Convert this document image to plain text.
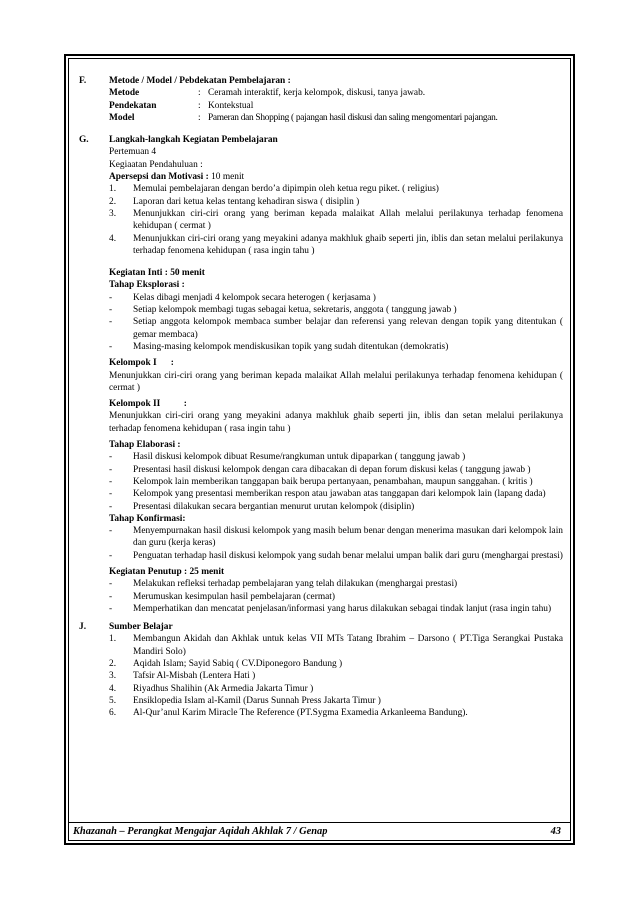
F. Metode / Model / Pebdekatan Pembelajaran :
Metode	: Ceramah interaktif, kerja kelompok, diskusi, tanya jawab.
Pendekatan	: Kontekstual
Model	: Pameran dan Shopping ( pajangan hasil diskusi dan saling mengomentari pajangan.
G. Langkah-langkah Kegiatan Pembelajaran
Pertemuan 4
Kegiaatan Pendahuluan :
Apersepsi dan Motivasi : 10 menit
1. Memulai pembelajaran dengan berdo’a dipimpin oleh ketua regu piket. ( religius)
2. Laporan dari ketua kelas tentang kehadiran siswa ( disiplin )
3. Menunjukkan ciri-ciri orang yang beriman kepada malaikat Allah melalui perilakunya terhadap fenomena kehidupan ( cermat )
4. Menunjukkan ciri-ciri orang yang meyakini adanya makhluk ghaib seperti jin, iblis dan setan melalui perilakunya terhadap fenomena kehidupan ( rasa ingin tahu )
Kegiatan Inti : 50 menit
Tahap Eksplorasi :
- Kelas dibagi menjadi 4 kelompok secara heterogen ( kerjasama )
- Setiap kelompok membagi tugas sebagai ketua, sekretaris, anggota ( tanggung jawab )
- Setiap anggota kelompok membaca sumber belajar dan referensi yang relevan dengan topik yang ditentukan ( gemar membaca)
- Masing-masing kelompok mendiskusikan topik yang sudah ditentukan (demokratis)
Kelompok I      :
Menunjukkan ciri-ciri orang yang beriman kepada malaikat Allah melalui perilakunya terhadap fenomena kehidupan ( cermat )
Kelompok II          :
Menunjukkan ciri-ciri orang yang meyakini adanya makhluk ghaib seperti jin, iblis dan setan melalui perilakunya terhadap fenomena kehidupan ( rasa ingin tahu )
Tahap Elaborasi :
- Hasil diskusi kelompok dibuat Resume/rangkuman untuk dipaparkan ( tanggung jawab )
- Presentasi hasil diskusi kelompok dengan cara dibacakan di depan forum diskusi kelas ( tanggung jawab )
- Kelompok lain memberikan tanggapan baik berupa pertanyaan, penambahan, maupun sanggahan. ( kritis )
- Kelompok yang presentasi memberikan respon atau jawaban atas tanggapan dari kelompok lain (lapang dada)
- Presentasi dilakukan secara bergantian menurut urutan kelompok (disiplin)
Tahap Konfirmasi:
- Menyempurnakan hasil diskusi kelompok yang masih belum benar dengan menerima masukan dari kelompok lain dan guru (kerja keras)
- Penguatan terhadap hasil diskusi kelompok yang sudah benar melalui umpan balik dari guru (menghargai prestasi)
Kegiatan Penutup : 25 menit
- Melakukan refleksi terhadap pembelajaran yang telah dilakukan (menghargai prestasi)
- Merumuskan kesimpulan hasil pembelajaran (cermat)
- Memperhatikan dan mencatat penjelasan/informasi yang harus dilakukan sebagai tindak lanjut (rasa ingin tahu)
J. Sumber Belajar
1. Membangun Akidah dan Akhlak untuk kelas VII MTs Tatang Ibrahim – Darsono ( PT.Tiga Serangkai Pustaka Mandiri Solo)
2. Aqidah Islam; Sayid Sabiq ( CV.Diponegoro Bandung )
3. Tafsir Al-Misbah (Lentera Hati )
4. Riyadhus Shalihin (Ak Armedia Jakarta Timur )
5. Ensiklopedia Islam al-Kamil (Darus Sunnah Press Jakarta Timur )
6. Al-Qur’anul Karim Miracle The Reference (PT.Sygma Examedia Arkanleema Bandung).
Khazanah – Perangkat Mengajar Aqidah Akhlak 7 / Genap	43
